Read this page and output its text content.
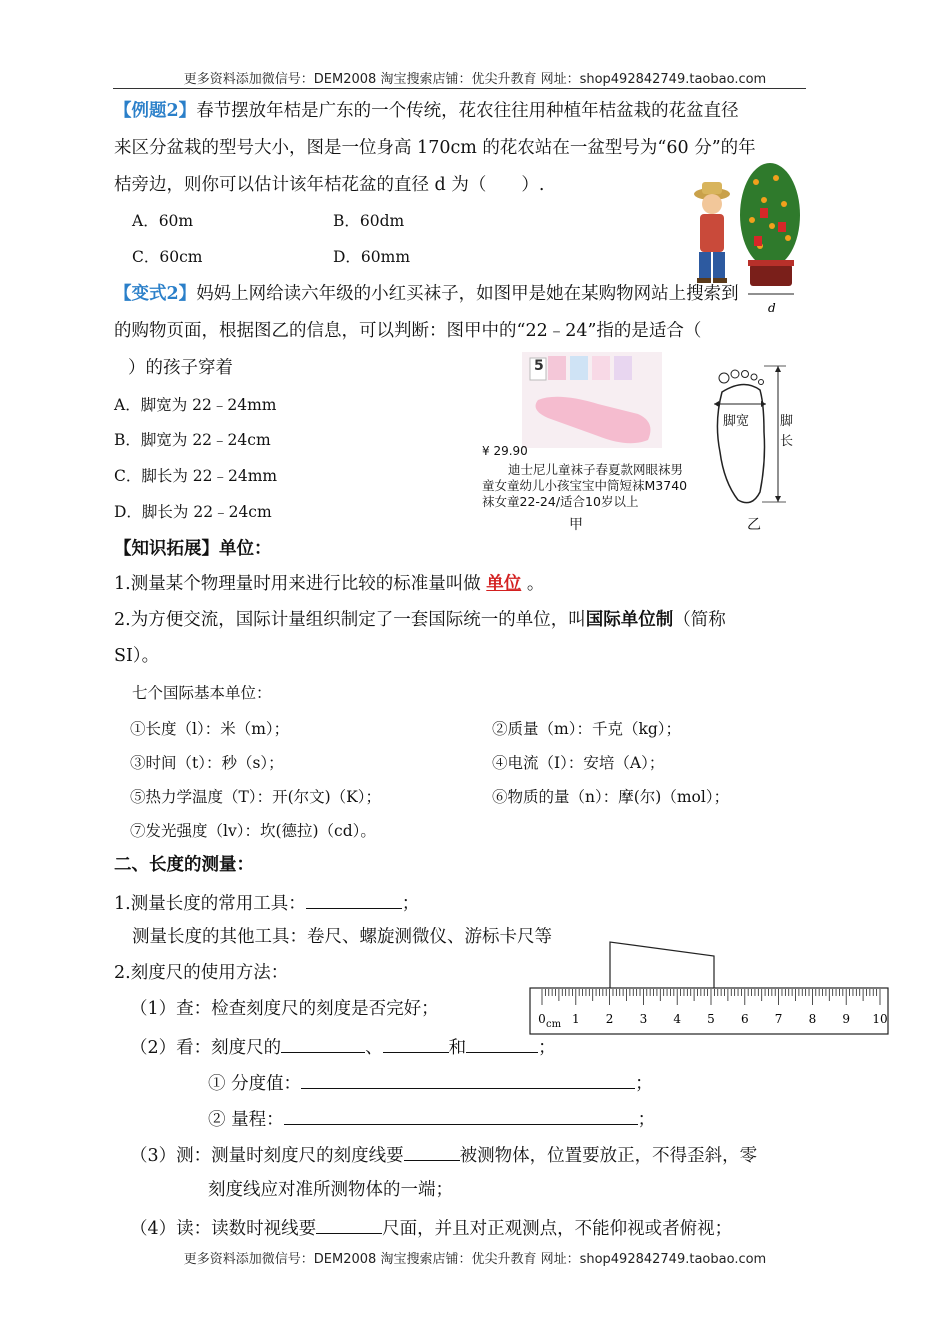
更多资料添加微信号：DEM2008 淘宝搜索店铺：优尖升教育 网址：shop492842749.taobao.com
更多资料添加微信号：DEM2008 淘宝搜索店铺：优尖升教育 网址：shop492842749.taobao.com
【例题2】春节摆放年桔是广东的一个传统，花农往往用种植年桔盆栽的花盆直径
来区分盆栽的型号大小，图是一位身高 170cm 的花农站在一盆型号为“60 分”的年
桔旁边，则你可以估计该年桔花盆的直径 d 为（　　）.
A．60m	B．60dm
C．60cm	D．60mm
d
【变式2】妈妈上网给读六年级的小红买袜子，如图甲是她在某购物网站上搜索到
的购物页面，根据图乙的信息，可以判断：图甲中的“22﹣24”指的是适合（
）的孩子穿着
A．脚宽为 22﹣24mm
B．脚宽为 22﹣24cm
C．脚长为 22﹣24mm
D．脚长为 22﹣24cm
5
¥ 29.90
迪士尼儿童袜子春夏款网眼袜男
童女童幼儿小孩宝宝中筒短袜M3740
袜女童22-24/适合10岁以上
甲
脚宽 脚
长
乙
【知识拓展】单位：
1.测量某个物理量时用来进行比较的标准量叫做 单位 。
2.为方便交流，国际计量组织制定了一套国际统一的单位，叫国际单位制（简称
SI）。
七个国际基本单位：
①长度（l）：米（m）；	②质量（m）：千克（kg）；
③时间（t）：秒（s）；	④电流（I）：安培（A）；
⑤热力学温度（T）：开(尔文)（K）；	⑥物质的量（n）：摩(尔)（mol）；
⑦发光强度（lv）：坎(德拉)（cd）。
二、长度的测量：
1.测量长度的常用工具：	；
测量长度的其他工具：卷尺、螺旋测微仪、游标卡尺等
2.刻度尺的使用方法：
（1）查：检查刻度尺的刻度是否完好；
（2）看：刻度尺的	、	和	；
① 分度值：	；
② 量程：	；
（3）测：测量时刻度尺的刻度线要	被测物体，位置要放正，不得歪斜，零
刻度线应对准所测物体的一端；
（4）读：读数时视线要	尺面，并且对正观测点，不能仰视或者俯视；
0 1 2 3 4 5 6 7 8 9 10
cm
